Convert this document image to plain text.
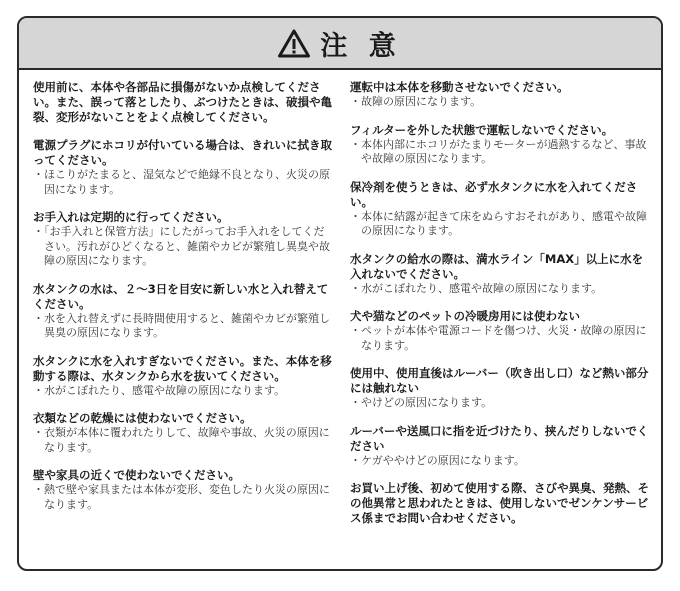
注 意
使用前に、本体や各部品に損傷がないか点検してください。また、誤って落としたり、ぶつけたときは、破損や亀裂、変形がないことをよく点検してください。
電源プラグにホコリが付いている場合は、きれいに拭き取ってください。
・ほこりがたまると、湿気などで絶縁不良となり、火災の原因になります。
お手入れは定期的に行ってください。
・「お手入れと保管方法」にしたがってお手入れをしてください。汚れがひどくなると、雑菌やカビが繁殖し異臭や故障の原因になります。
水タンクの水は、２～3日を目安に新しい水と入れ替えてください。
・水を入れ替えずに長時間使用すると、雑菌やカビが繁殖し異臭の原因になります。
水タンクに水を入れすぎないでください。また、本体を移動する際は、水タンクから水を抜いてください。
・水がこぼれたり、感電や故障の原因になります。
衣類などの乾燥には使わないでください。
・衣類が本体に覆われたりして、故障や事故、火災の原因になります。
壁や家具の近くで使わないでください。
・熱で壁や家具または本体が変形、変色したり火災の原因になります。
運転中は本体を移動させないでください。
・故障の原因になります。
フィルターを外した状態で運転しないでください。
・本体内部にホコリがたまりモーターが過熱するなど、事故や故障の原因になります。
保冷剤を使うときは、必ず水タンクに水を入れてください。
・本体に結露が起きて床をぬらすおそれがあり、感電や故障の原因になります。
水タンクの給水の際は、満水ライン「MAX」以上に水を入れないでください。
・水がこぼれたり、感電や故障の原因になります。
犬や猫などのペットの冷暖房用には使わない
・ペットが本体や電源コードを傷つけ、火災・故障の原因になります。
使用中、使用直後はルーバー（吹き出し口）など熱い部分には触れない
・やけどの原因になります。
ルーバーや送風口に指を近づけたり、挟んだりしないでください
・ケガややけどの原因になります。
お買い上げ後、初めて使用する際、さびや異臭、発熱、その他異常と思われたときは、使用しないでゼンケンサービス係までお問い合わせください。
